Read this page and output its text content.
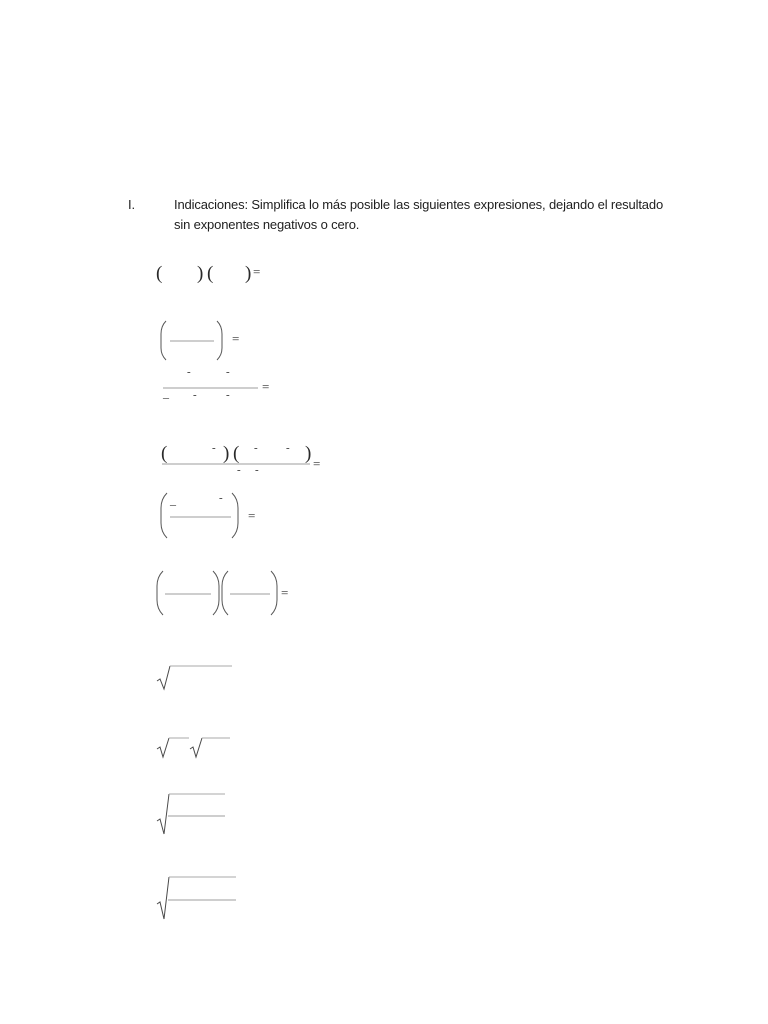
I.	Indicaciones: Simplifica lo más posible las siguientes expresiones, dejando el resultado
sin exponentes negativos o cero.
( ) ( ) =
=
-	-
=
_ -	-
(	- ) ( -	- ) =
- -
_	-
=
=
